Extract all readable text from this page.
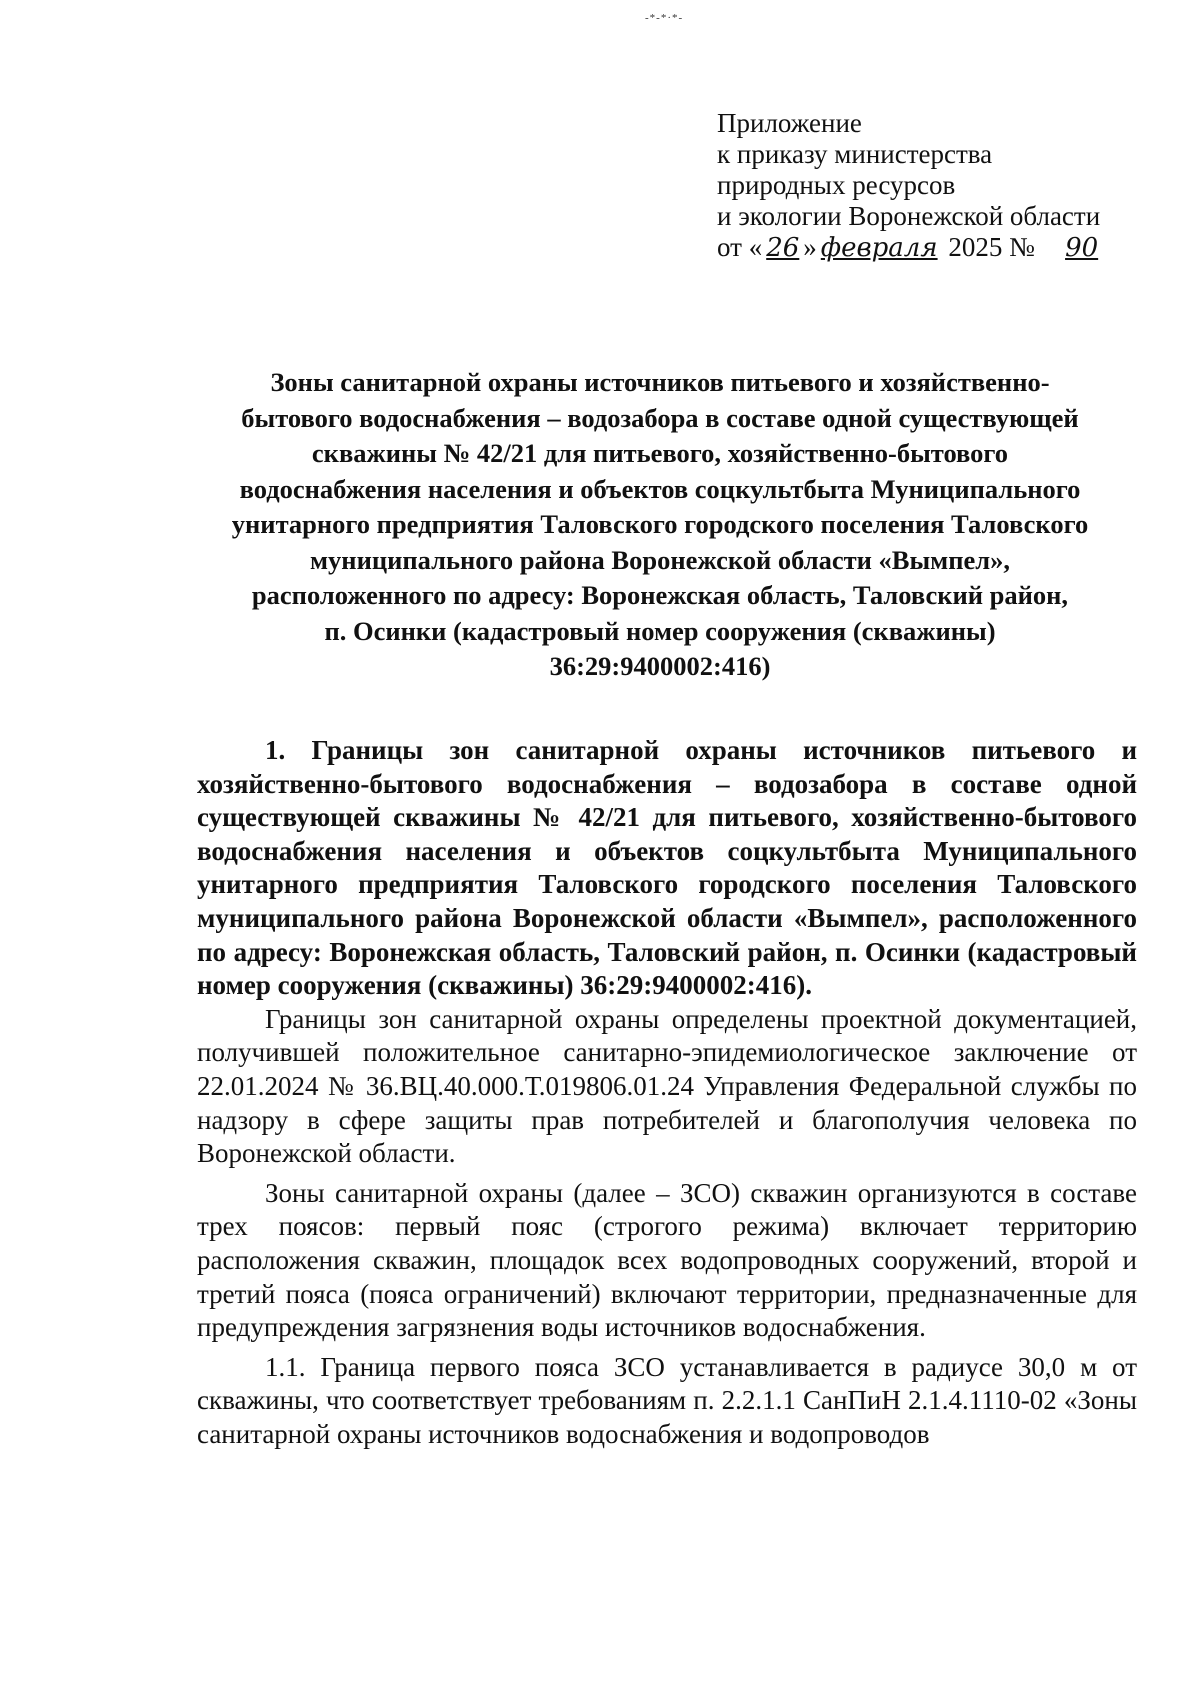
-*-*·*-
Приложение
к приказу министерства
природных ресурсов
и экологии Воронежской области
от « 26 » февраля 2025 № 90
Зоны санитарной охраны источников питьевого и хозяйственно-
бытового водоснабжения – водозабора в составе одной существующей
скважины № 42/21 для питьевого, хозяйственно-бытового
водоснабжения населения и объектов соцкультбыта Муниципального
унитарного предприятия Таловского городского поселения Таловского
муниципального района Воронежской области «Вымпел»,
расположенного по адресу: Воронежская область, Таловский район,
п. Осинки (кадастровый номер сооружения (скважины)
36:29:9400002:416)

1. Границы зон санитарной охраны источников питьевого и хозяйственно-бытового водоснабжения – водозабора в составе одной существующей скважины № 42/21 для питьевого, хозяйственно-бытового водоснабжения населения и объектов соцкультбыта Муниципального унитарного предприятия Таловского городского поселения Таловского муниципального района Воронежской области «Вымпел», расположенного по адресу: Воронежская область, Таловский район, п. Осинки (кадастровый номер сооружения (скважины) 36:29:9400002:416).

Границы зон санитарной охраны определены проектной документацией, получившей положительное санитарно-эпидемиологическое заключение от 22.01.2024 № 36.ВЦ.40.000.Т.019806.01.24 Управления Федеральной службы по надзору в сфере защиты прав потребителей и благополучия человека по Воронежской области.

Зоны санитарной охраны (далее – ЗСО) скважин организуются в составе трех поясов: первый пояс (строгого режима) включает территорию расположения скважин, площадок всех водопроводных сооружений, второй и третий пояса (пояса ограничений) включают территории, предназначенные для предупреждения загрязнения воды источников водоснабжения.

1.1. Граница первого пояса ЗСО устанавливается в радиусе 30,0 м от скважины, что соответствует требованиям п. 2.2.1.1 СанПиН 2.1.4.1110-02 «Зоны санитарной охраны источников водоснабжения и водопроводов
